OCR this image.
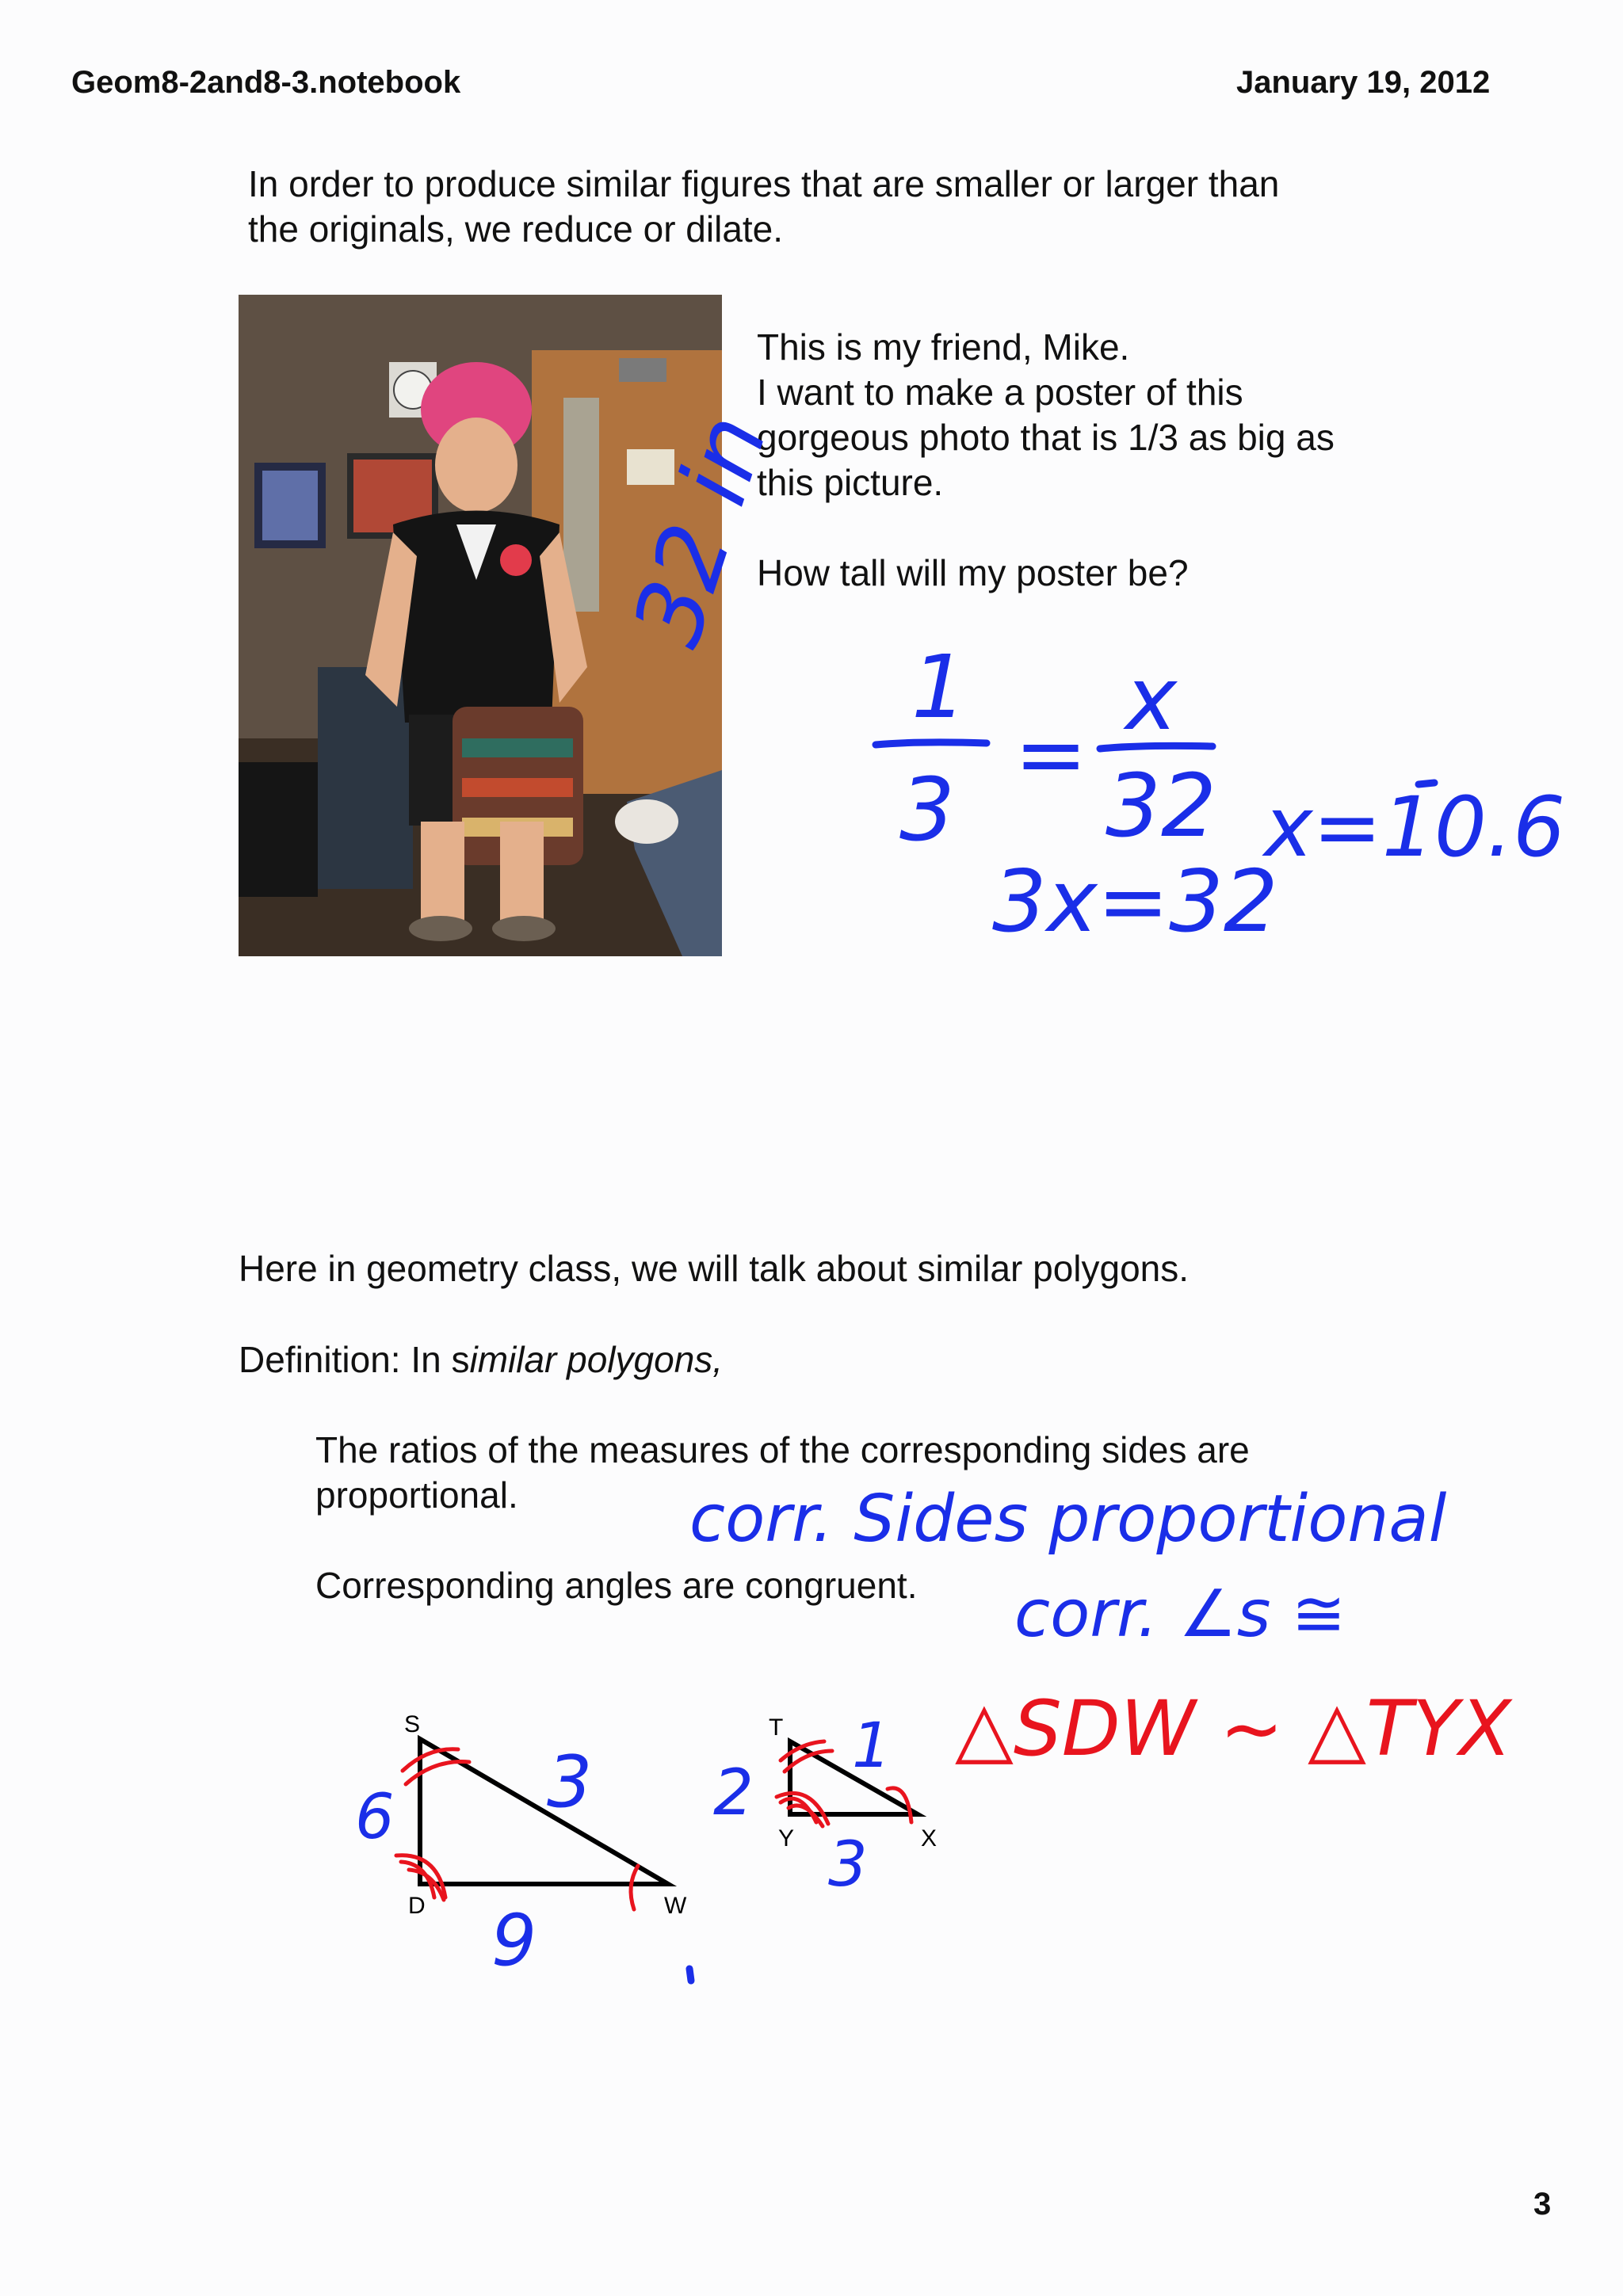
Geom8-2and8-3.notebook	January 19, 2012
In order to produce similar figures that are smaller or larger than
the originals, we reduce or dilate.
This is my friend, Mike.
I want to make a poster of this
gorgeous photo that is 1/3 as big as
this picture.
How tall will my poster be?
Here in geometry class, we will talk about similar polygons.
Definition: In similar polygons,
The ratios of the measures of the corresponding sides are
proportional.
Corresponding angles are congruent.
S
D	W
T
Y	X
32 in
1
3
=
x
32
3x=32
x=10.6
corr. Sides proportional
corr. ∠s ≅
6 3
9
2
1
3
△SDW ~ △TYX
3
